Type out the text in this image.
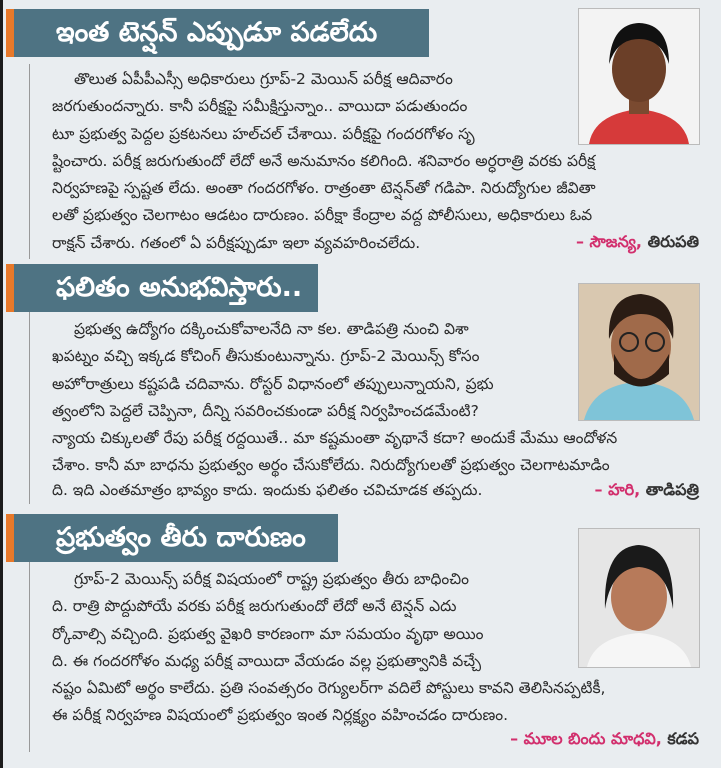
ఇంత టెన్షన్ ఎప్పుడూ పడలేదు
తొలుత ఏపీపీఎస్సీ అధికారులు గ్రూప్-2 మెయిన్ పరీక్ష ఆదివారం
జరగుతుందన్నారు. కానీ పరీక్షపై సమీక్షిస్తున్నాం.. వాయిదా పడుతుందం
టూ ప్రభుత్వ పెద్దల ప్రకటనలు హల్‌చల్ చేశాయి. పరీక్షపై గందరగోళం సృ
ష్టించారు. పరీక్ష జరుగుతుందో లేదో అనే అనుమానం కలిగింది. శనివారం అర్ధరాత్రి వరకు పరీక్ష
నిర్వహణపై స్పష్టత లేదు. అంతా గందరగోళం. రాత్రంతా టెన్షన్‌తో గడిపా. నిరుద్యోగుల జీవితా
లతో ప్రభుత్వం చెలగాటం ఆడటం దారుణం. పరీక్షా కేంద్రాల వద్ద పోలీసులు, అధికారులు ఓవ
రాక్షన్ చేశారు. గతంలో ఏ పరీక్షప్పుడూ ఇలా వ్యవహరించలేదు.	– సౌజన్య, తిరుపతి
ఫలితం అనుభవిస్తారు..
ప్రభుత్వ ఉద్యోగం దక్కించుకోవాలనేది నా కల. తాడిపత్రి నుంచి విశా
ఖపట్నం వచ్చి ఇక్కడ కోచింగ్ తీసుకుంటున్నాను. గ్రూప్-2 మెయిన్స్ కోసం
అహోరాత్రులు కష్టపడి చదివాను. రోస్టర్ విధానంలో తప్పులున్నాయని, ప్రభు
త్వంలోని పెద్దలే చెప్పినా, దీన్ని సవరించకుండా పరీక్ష నిర్వహించడమేంటి?
న్యాయ చిక్కులతో రేపు పరీక్ష రద్దయితే.. మా కష్టమంతా వృథానే కదా? అందుకే మేము ఆందోళన
చేశాం. కానీ మా బాధను ప్రభుత్వం అర్థం చేసుకోలేదు. నిరుద్యోగులతో ప్రభుత్వం చెలగాటమాడిం
ది. ఇది ఎంతమాత్రం భావ్యం కాదు. ఇందుకు ఫలితం చవిచూడక తప్పదు.	– హరి, తాడిపత్రి
ప్రభుత్వం తీరు దారుణం
గ్రూప్-2 మెయిన్స్ పరీక్ష విషయంలో రాష్ట్ర ప్రభుత్వం తీరు బాధించిం
ది. రాత్రి పొద్దుపోయే వరకు పరీక్ష జరుగుతుందో లేదో అనే టెన్షన్ ఎదు
ర్కోవాల్సి వచ్చింది. ప్రభుత్వ వైఖరి కారణంగా మా సమయం వృథా అయిం
ది. ఈ గందరగోళం మధ్య పరీక్ష వాయిదా వేయడం వల్ల ప్రభుత్వానికి వచ్చే
నష్టం ఏమిటో అర్థం కాలేదు. ప్రతి సంవత్సరం రెగ్యులర్‌గా వదిలే పోస్టులు కావని తెలిసినప్పటికీ,
ఈ పరీక్ష నిర్వహణ విషయంలో ప్రభుత్వం ఇంత నిర్లక్ష్యం వహించడం దారుణం.
– మూల బిందు మాధవి, కడప
